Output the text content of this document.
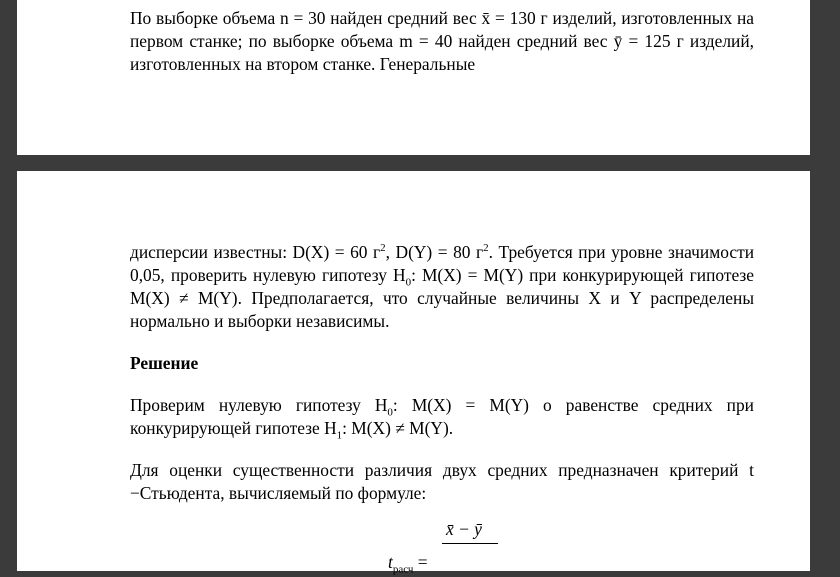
По выборке объема n = 30 найден средний вес x̄ = 130 г изделий, изготовленных на первом станке; по выборке объема m = 40 найден средний вес ȳ = 125 г изделий, изготовленных на втором станке. Генеральные

дисперсии известны: D(X) = 60 $г^2$, D(Y) = 80 $г^2$. Требуется при уровне значимости 0,05, проверить нулевую гипотезу $H_0$: M(X) = M(Y) при конкурирующей гипотезе M(X) ≠ M(Y). Предполагается, что случайные величины X и Y распределены нормально и выборки независимы.

Решение

Проверим нулевую гипотезу $H_0$: M(X) = M(Y) о равенстве средних при конкурирующей гипотезе $H_1$: M(X) ≠ M(Y).

Для оценки существенности различия двух средних предназначен критерий t −Стьюдента, вычисляемый по формуле:

$t_{расч}$ =
x̄ − ȳ
